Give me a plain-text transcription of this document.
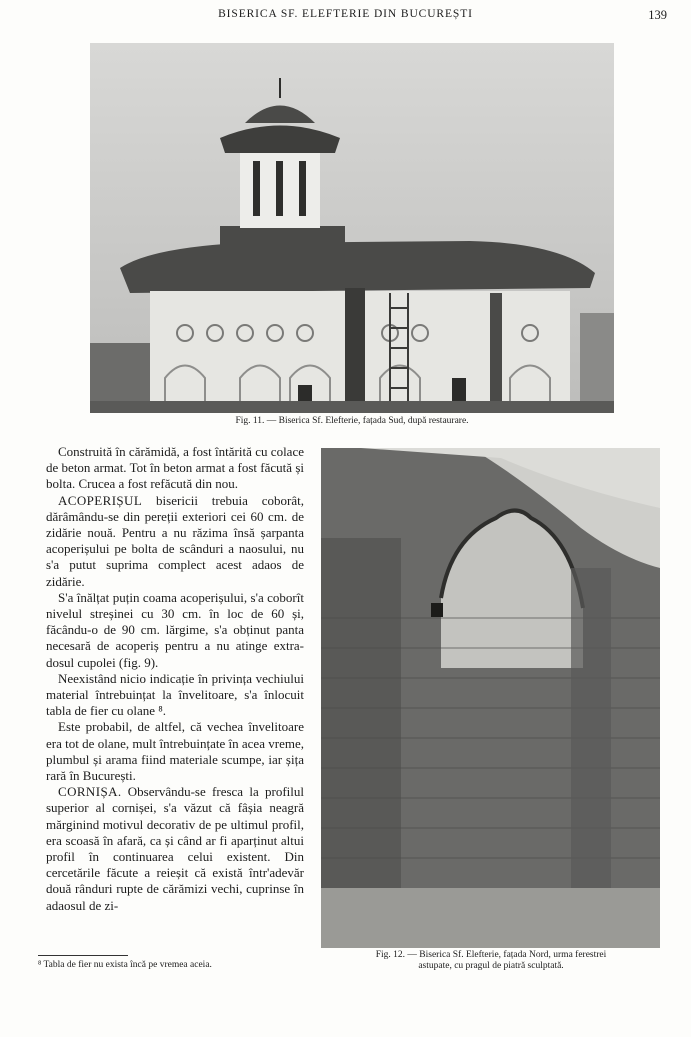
BISERICA SF. ELEFTERIE DIN BUCUREȘTI	139
Fig. 11. — Biserica Sf. Elefterie, fațada Sud, după restaurare.

Construită în cărămidă, a fost întărită cu colace de beton armat. Tot în beton armat a fost făcută și bolta. Crucea a fost refăcută din nou.

ACOPERIȘUL bisericii trebuia coborât, dărâmându-se din pereții exteriori cei 60 cm. de zidărie nouă. Pentru a nu răzima însă șarpanta acoperișului pe bolta de scânduri a naosului, nu s'a putut suprima complect acest adaos de zidărie.

S'a înălțat puțin coama acoperișului, s'a coborît nivelul streșinei cu 30 cm. în loc de 60 și, făcându-o de 90 cm. lărgime, s'a obținut panta necesară de acoperiș pentru a nu atinge extra-dosul cupolei (fig. 9).

Neexistând nicio indicație în privința vechiului material întrebuințat la învelitoare, s'a înlocuit tabla de fier cu olane ⁸.

Este probabil, de altfel, că vechea învelitoare era tot de olane, mult întrebuințate în acea vreme, plumbul și arama fiind materiale scumpe, iar șița rară în București.

CORNIȘA. Observându-se fresca la profilul superior al cornișei, s'a văzut că fâșia neagră mărginind motivul decorativ de pe ultimul profil, era scoasă în afară, ca și când ar fi aparținut altui profil în continuarea celui existent. Din cercetările făcute a reieșit că există într'adevăr două rânduri rupte de cărămizi vechi, cuprinse în adaosul de zi-

⁸ Tabla de fier nu exista încă pe vremea aceia.
Fig. 12. — Biserica Sf. Elefterie, fațada Nord, urma ferestrei
astupate, cu pragul de piatră sculptată.
